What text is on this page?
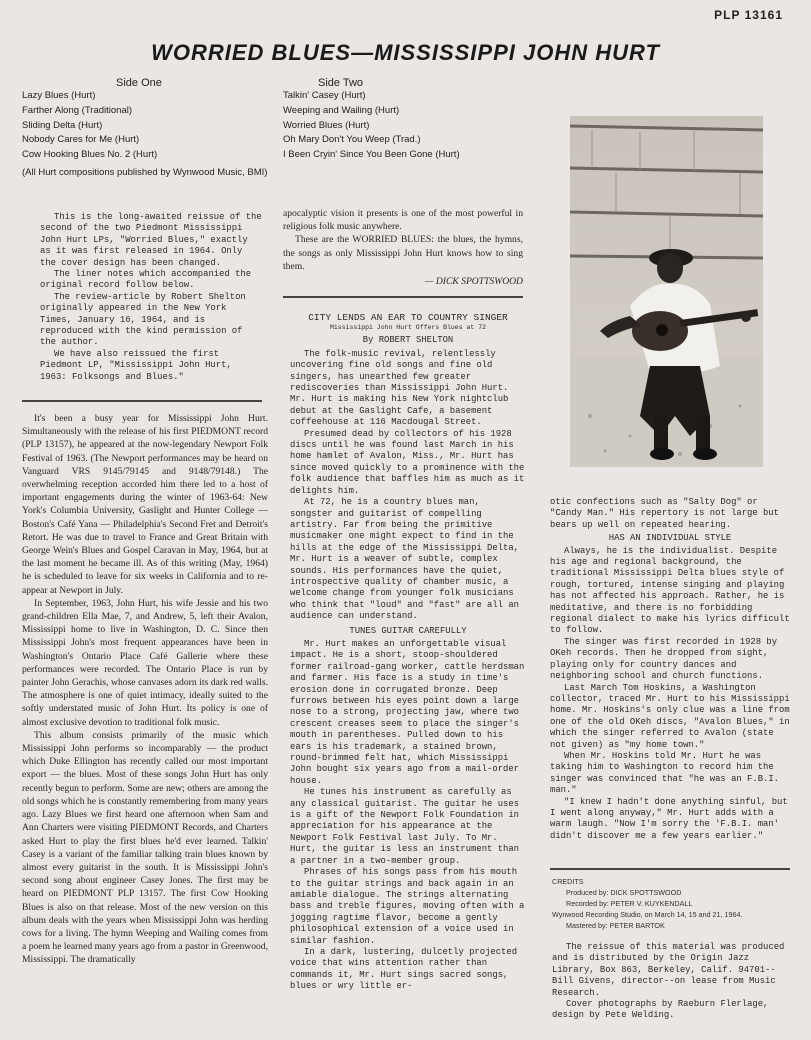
PLP 13161
WORRIED BLUES—MISSISSIPPI JOHN HURT
Side One
Lazy Blues (Hurt)
Farther Along (Traditional)
Sliding Delta (Hurt)
Nobody Cares for Me (Hurt)
Cow Hooking Blues No. 2 (Hurt)
Side Two
Talkin' Casey (Hurt)
Weeping and Wailing (Hurt)
Worried Blues (Hurt)
Oh Mary Don't You Weep (Trad.)
I Been Cryin' Since You Been Gone (Hurt)
(All Hurt compositions published by Wynwood Music, BMI)

This is the long-awaited reissue of the second of the two Piedmont Mississippi John Hurt LPs, "Worried Blues," exactly as it was first released in 1964. Only the cover design has been changed.

The liner notes which accompanied the original record follow below.

The review-article by Robert Shelton originally appeared in the New York Times, January 16, 1964, and is reproduced with the kind permission of the author.

We have also reissued the first Piedmont LP, "Mississippi John Hurt, 1963: Folksongs and Blues."

It's been a busy year for Mississippi John Hurt. Simultaneously with the release of his first PIEDMONT record (PLP 13157), he appeared at the now-legendary Newport Folk Festival of 1963. (The Newport performances may be heard on Vanguard VRS 9145/79145 and 9148/79148.) The overwhelming reception accorded him there led to a host of important engagements during the winter of 1963-64: New York's Columbia University, Gaslight and Hunter College — Boston's Café Yana — Philadelphia's Second Fret and Detroit's Retort. He was due to travel to France and Great Britain with George Wein's Blues and Gospel Caravan in May, 1964, but at the last moment he became ill. As of this writing (May, 1964) he is scheduled to leave for six weeks in California and to re-appear at Newport in July.

In September, 1963, John Hurt, his wife Jessie and his two grand-children Ella Mae, 7, and Andrew, 5, left their Avalon, Mississippi home to live in Washington, D. C. Since then Mississippi John's most frequent appearances have been in Washington's Ontario Place Café Gallerie where these performances were recorded. The Ontario Place is run by painter John Gerachis, whose canvases adorn its dark red walls. The atmosphere is one of quiet intimacy, ideally suited to the softly understated music of John Hurt. Its policy is one of almost exclusive devotion to traditional folk music.

This album consists primarily of the music which Mississippi John performs so incomparably — the product which Duke Ellington has recently called our most important export — the blues. Most of these songs John Hurt has only recently begun to perform. Some are new; others are among the old songs which he is constantly remembering from many years ago. Lazy Blues we first heard one afternoon when Sam and Ann Charters were visiting PIEDMONT Records, and Charters asked Hurt to play the first blues he'd ever learned. Talkin' Casey is a variant of the familiar talking train blues known by almost every guitarist in the south. It is Mississippi John's second song about engineer Casey Jones. The first may be heard on PIEDMONT PLP 13157. The first Cow Hooking Blues is also on that release. Most of the new version on this album deals with the years when Mississippi John was herding cows for a living. The hymn Weeping and Wailing comes from a poem he learned many years ago from a pastor in Greenwood, Mississippi. The dramatically

apocalyptic vision it presents is one of the most powerful in religious folk music anywhere.

These are the WORRIED BLUES: the blues, the hymns, the songs as only Mississippi John Hurt knows how to sing them.

— DICK SPOTTSWOOD
CITY LENDS AN EAR TO COUNTRY SINGER
Mississippi John Hurt Offers Blues at 72
By ROBERT SHELTON

The folk-music revival, relentlessly uncovering fine old songs and fine old singers, has unearthed few greater rediscoveries than Mississippi John Hurt. Mr. Hurt is making his New York nightclub debut at the Gaslight Cafe, a basement coffeehouse at 116 Macdougal Street.

Presumed dead by collectors of his 1928 discs until he was found last March in his home hamlet of Avalon, Miss., Mr. Hurt has since moved quickly to a prominence with the folk audience that baffles him as much as it delights him.

At 72, he is a country blues man, songster and guitarist of compelling artistry. Far from being the primitive musicmaker one might expect to find in the hills at the edge of the Mississippi Delta, Mr. Hurt is a weaver of subtle, complex sounds. His performances have the quiet, introspective quality of chamber music, a welcome change from younger folk musicians who think that "loud" and "fast" are all an audience can understand.

TUNES GUITAR CAREFULLY

Mr. Hurt makes an unforgettable visual impact. He is a short, stoop-shouldered former railroad-gang worker, cattle herdsman and farmer. His face is a study in time's erosion done in corrugated bronze. Deep furrows between his eyes point down a large nose to a strong, projecting jaw, where two crescent creases seem to place the singer's mouth in parentheses. Pulled down to his ears is his trademark, a stained brown, round-brimmed felt hat, which Mississippi John bought six years ago from a mail-order house.

He tunes his instrument as carefully as any classical guitarist. The guitar he uses is a gift of the Newport Folk Foundation in appreciation for his appearance at the Newport Folk Festival last July. To Mr. Hurt, the guitar is less an instrument than a partner in a two-member group.

Phrases of his songs pass from his mouth to the guitar strings and back again in an amiable dialogue. The strings alternating bass and treble figures, moving often with a jogging ragtime flavor, become a gently philosophical extension of a voice used in similar fashion.

In a dark, lustering, dulcetly projected voice that wins attention rather than commands it, Mr. Hurt sings sacred songs, blues or wry little er-

otic confections such as "Salty Dog" or "Candy Man." His repertory is not large but bears up well on repeated hearing.

HAS AN INDIVIDUAL STYLE

Always, he is the individualist. Despite his age and regional background, the traditional Mississippi Delta blues style of rough, tortured, intense singing and playing has not affected his approach. Rather, he is meditative, and there is no forbidding regional dialect to make his lyrics difficult to follow.

The singer was first recorded in 1928 by OKeh records. Then he dropped from sight, playing only for country dances and neighboring school and church functions.

Last March Tom Hoskins, a Washington collector, traced Mr. Hurt to his Mississippi home. Mr. Hoskins's only clue was a line from one of the old OKeh discs, "Avalon Blues," in which the singer referred to Avalon (state not given) as "my home town."

When Mr. Hoskins told Mr. Hurt he was taking him to Washington to record him the singer was convinced that "he was an F.B.I. man."

"I knew I hadn't done anything sinful, but I went along anyway," Mr. Hurt adds with a warm laugh. "Now I'm sorry the 'F.B.I. man' didn't discover me a few years earlier."

CREDITS
Produced by: DICK SPOTTSWOOD
Recorded by: PETER V. KUYKENDALL
Wynwood Recording Studio, on March 14, 15 and 21, 1964.
Mastered by: PETER BARTOK

The reissue of this material was produced and is distributed by the Origin Jazz Library, Box 863, Berkeley, Calif. 94701--Bill Givens, director--on lease from Music Research.

Cover photographs by Raeburn Flerlage, design by Pete Welding.
